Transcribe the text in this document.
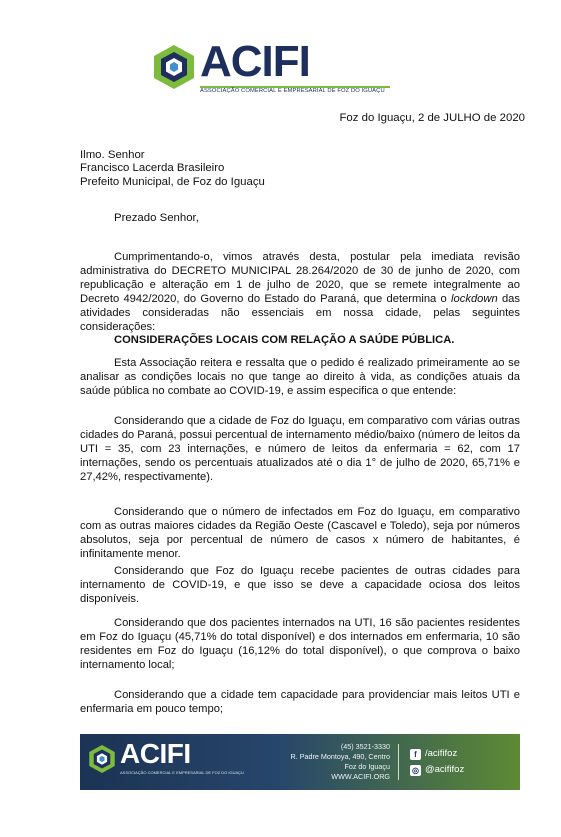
ACIFI
ASSOCIAÇÃO COMERCIAL E EMPRESARIAL DE FOZ DO IGUAÇU
Foz do Iguaçu, 2 de JULHO de 2020
Ilmo. Senhor
Francisco Lacerda Brasileiro
Prefeito Municipal, de Foz do Iguaçu
Prezado Senhor,

Cumprimentando-o, vimos através desta, postular pela imediata revisão administrativa do DECRETO MUNICIPAL 28.264/2020 de 30 de junho de 2020, com republicação e alteração em 1 de julho de 2020, que se remete integralmente ao Decreto 4942/2020, do Governo do Estado do Paraná, que determina o lockdown das atividades consideradas não essenciais em nossa cidade, pelas seguintes considerações:

CONSIDERAÇÕES LOCAIS COM RELAÇÃO A SAÚDE PÚBLICA.

Esta Associação reitera e ressalta que o pedido é realizado primeiramente ao se analisar as condições locais no que tange ao direito à vida, as condições atuais da saúde pública no combate ao COVID-19, e assim especifica o que entende:

Considerando que a cidade de Foz do Iguaçu, em comparativo com várias outras cidades do Paraná, possui percentual de internamento médio/baixo (número de leitos da UTI = 35, com 23 internações, e número de leitos da enfermaria = 62, com 17 internações, sendo os percentuais atualizados até o dia 1° de julho de 2020, 65,71% e 27,42%, respectivamente).

Considerando que o número de infectados em Foz do Iguaçu, em comparativo com as outras maiores cidades da Região Oeste (Cascavel e Toledo), seja por números absolutos, seja por percentual de número de casos x número de habitantes, é infinitamente menor.

Considerando que Foz do Iguaçu recebe pacientes de outras cidades para internamento de COVID-19, e que isso se deve a capacidade ociosa dos leitos disponíveis.

Considerando que dos pacientes internados na UTI, 16 são pacientes residentes em Foz do Iguaçu (45,71% do total disponível) e dos internados em enfermaria, 10 são residentes em Foz do Iguaçu (16,12% do total disponível), o que comprova o baixo internamento local;

Considerando que a cidade tem capacidade para providenciar mais leitos UTI e enfermaria em pouco tempo;

ACIFI
ASSOCIAÇÃO COMERCIAL E EMPRESARIAL DE FOZ DO IGUAÇU
(45) 3521-3330
R. Padre Montoya, 490, Centro
Foz do Iguaçu
WWW.ACIFI.ORG
f /acififoz
◎ @acififoz
